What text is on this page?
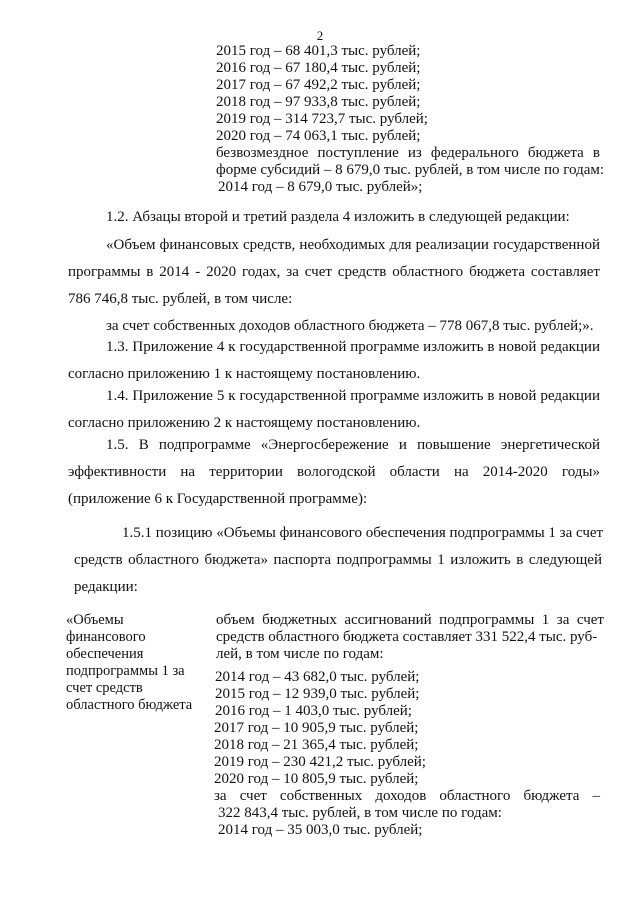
2
2015 год – 68 401,3 тыс. рублей;
2016 год – 67 180,4 тыс. рублей;
2017 год – 67 492,2 тыс. рублей;
2018 год – 97 933,8 тыс. рублей;
2019 год – 314 723,7 тыс. рублей;
2020 год – 74 063,1 тыс. рублей;
безвозмездное поступление из федерального бюджета в
форме субсидий – 8 679,0 тыс. рублей, в том числе по годам:
2014 год – 8 679,0 тыс. рублей»;
1.2. Абзацы второй и третий раздела 4 изложить в следующей редакции:
«Объем финансовых средств, необходимых для реализации государственной
программы в 2014 - 2020 годах, за счет средств областного бюджета составляет
786 746,8 тыс. рублей, в том числе:
за счет собственных доходов областного бюджета – 778 067,8 тыс. рублей;».
1.3. Приложение 4 к государственной программе изложить в новой редакции
согласно приложению 1 к настоящему постановлению.
1.4. Приложение 5 к государственной программе изложить в новой редакции
согласно приложению 2 к настоящему постановлению.
1.5. В подпрограмме «Энергосбережение и повышение энергетической
эффективности на территории вологодской области на 2014-2020 годы»
(приложение 6 к Государственной программе):
1.5.1 позицию «Объемы финансового обеспечения подпрограммы 1 за счет
средств областного бюджета» паспорта подпрограммы 1 изложить в следующей
редакции:
«Объемы
финансового
обеспечения
подпрограммы 1 за
счет средств
областного бюджета
объем бюджетных ассигнований подпрограммы 1 за счет
средств областного бюджета составляет 331 522,4 тыс. руб-
лей, в том числе по годам:
2014 год – 43 682,0 тыс. рублей;
2015 год – 12 939,0 тыс. рублей;
2016 год – 1 403,0 тыс. рублей;
2017 год – 10 905,9 тыс. рублей;
2018 год – 21 365,4 тыс. рублей;
2019 год – 230 421,2 тыс. рублей;
2020 год – 10 805,9 тыс. рублей;
за счет собственных доходов областного бюджета –
322 843,4 тыс. рублей, в том числе по годам:
2014 год – 35 003,0 тыс. рублей;
